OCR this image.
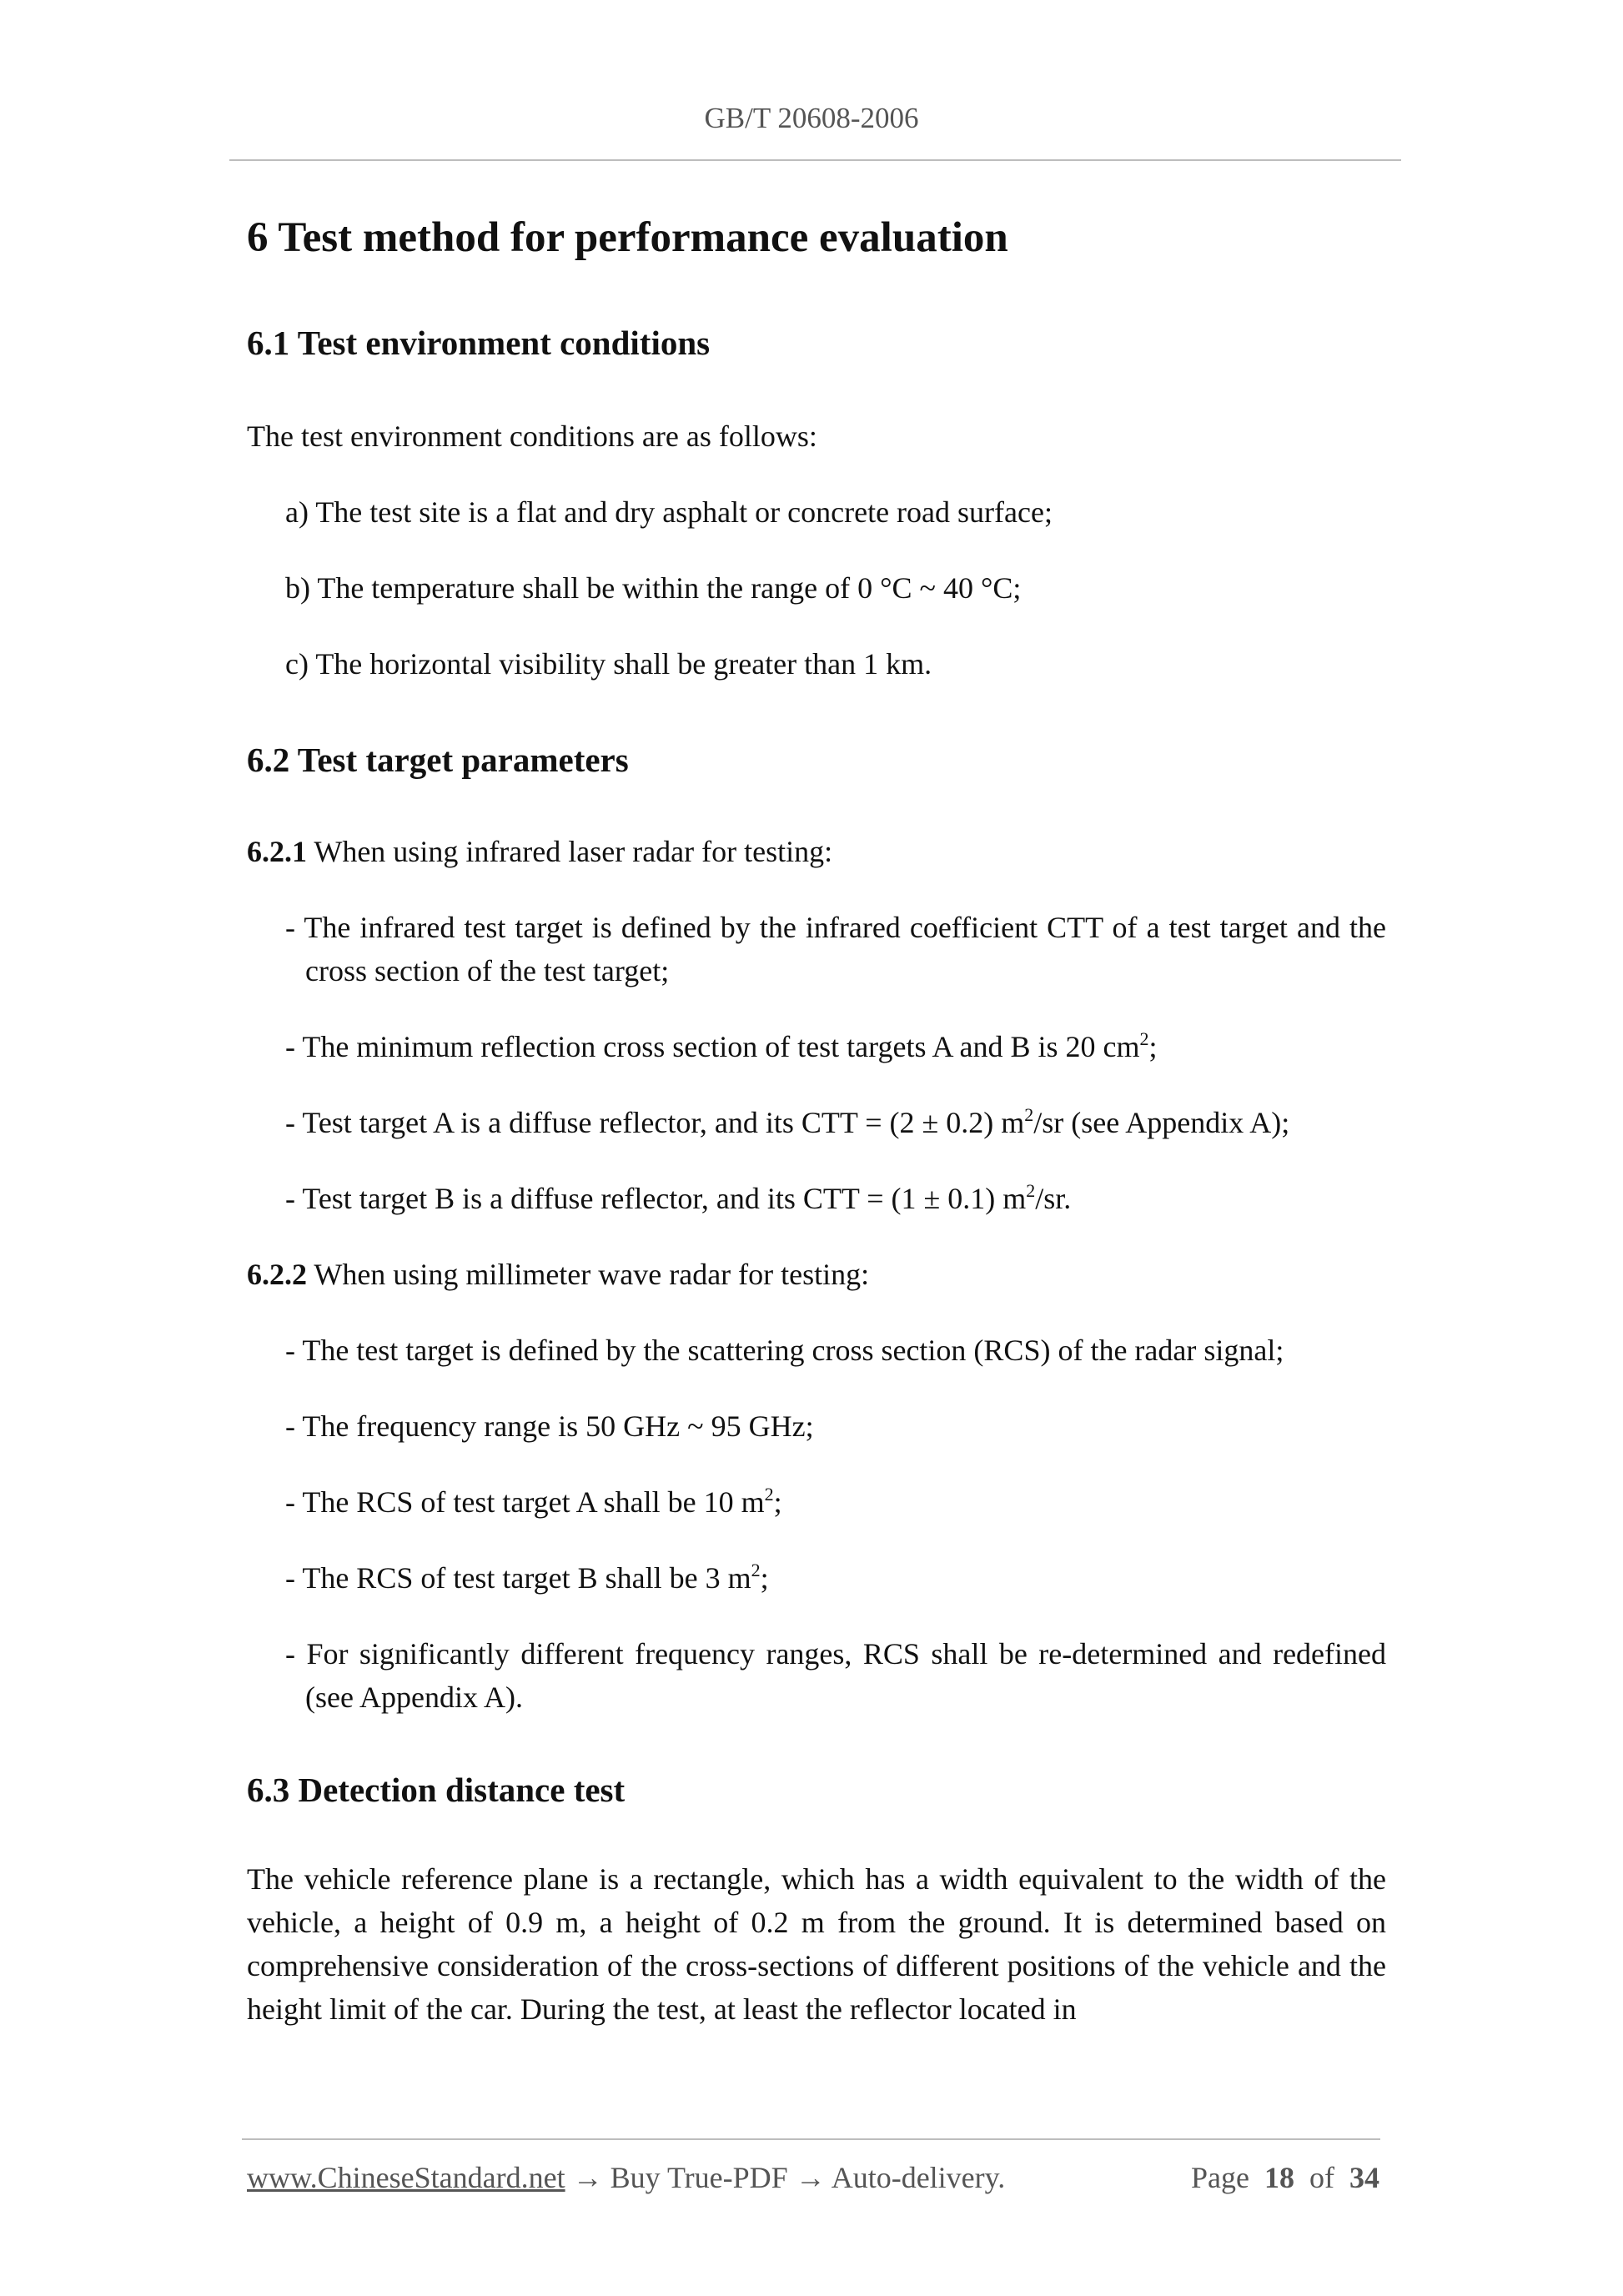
GB/T 20608-2006
6 Test method for performance evaluation
6.1 Test environment conditions

The test environment conditions are as follows:

a) The test site is a flat and dry asphalt or concrete road surface;

b) The temperature shall be within the range of 0 °C ~ 40 °C;

c) The horizontal visibility shall be greater than 1 km.

6.2 Test target parameters

6.2.1 When using infrared laser radar for testing:

- The infrared test target is defined by the infrared coefficient CTT of a test target and the cross section of the test target;

- The minimum reflection cross section of test targets A and B is 20 $cm^2$;

- Test target A is a diffuse reflector, and its CTT = (2 ± 0.2) $m^2/sr$ (see Appendix A);

- Test target B is a diffuse reflector, and its CTT = (1 ± 0.1) $m^2/sr$.

6.2.2 When using millimeter wave radar for testing:

- The test target is defined by the scattering cross section (RCS) of the radar signal;

- The frequency range is 50 GHz ~ 95 GHz;

- The RCS of test target A shall be 10 $m^2$;

- The RCS of test target B shall be 3 $m^2$;

- For significantly different frequency ranges, RCS shall be re-determined and redefined (see Appendix A).

6.3 Detection distance test

The vehicle reference plane is a rectangle, which has a width equivalent to the width of the vehicle, a height of 0.9 m, a height of 0.2 m from the ground. It is determined based on comprehensive consideration of the cross-sections of different positions of the vehicle and the height limit of the car. During the test, at least the reflector located in

www.ChineseStandard.net → Buy True-PDF → Auto-delivery.	Page 18 of 34
